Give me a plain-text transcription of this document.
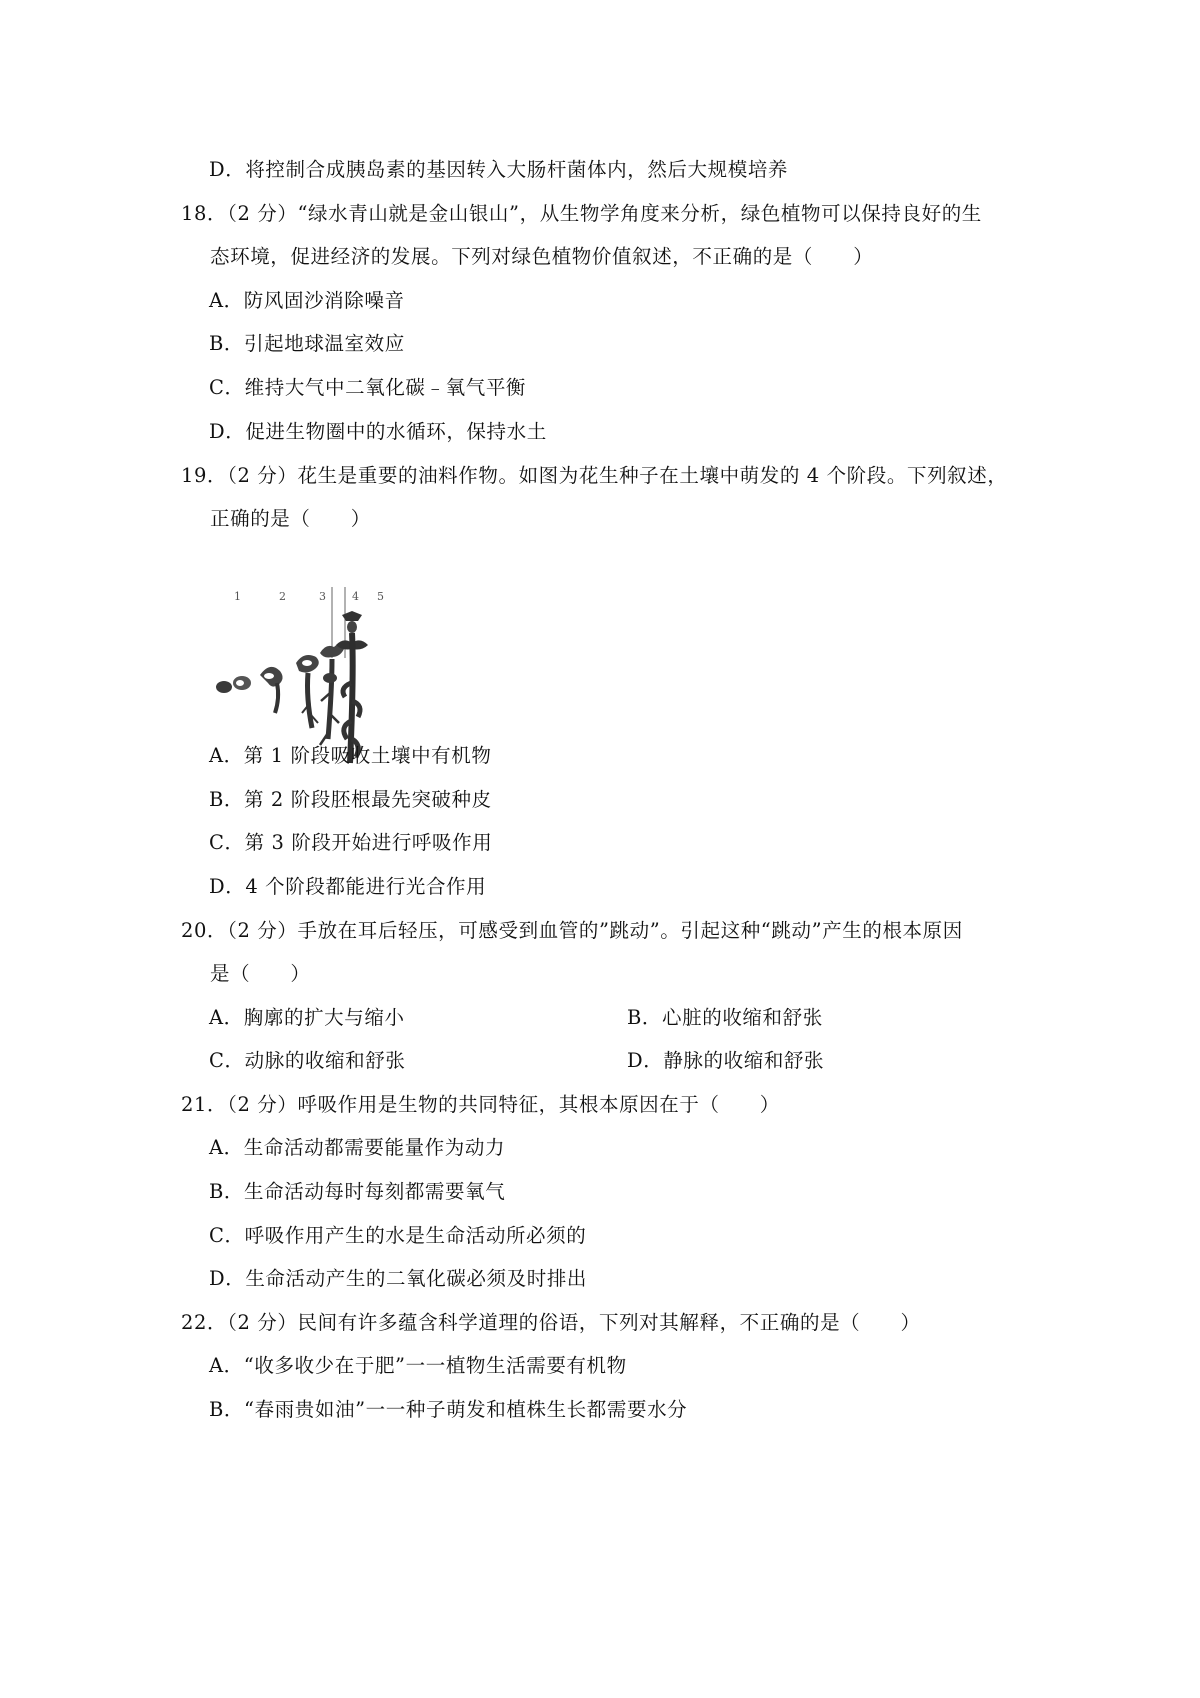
D．将控制合成胰岛素的基因转入大肠杆菌体内，然后大规模培养
18．（2 分）“绿水青山就是金山银山”，从生物学角度来分析，绿色植物可以保持良好的生
态环境，促进经济的发展。下列对绿色植物价值叙述，不正确的是（　　）
A．防风固沙消除噪音
B．引起地球温室效应
C．维持大气中二氧化碳﹣氧气平衡
D．促进生物圈中的水循环，保持水土
19．（2 分）花生是重要的油料作物。如图为花生种子在土壤中萌发的 4 个阶段。下列叙述，
正确的是（　　）
1	2	3 4 5
A．第 1 阶段吸收土壤中有机物
B．第 2 阶段胚根最先突破种皮
C．第 3 阶段开始进行呼吸作用
D．4 个阶段都能进行光合作用
20．（2 分）手放在耳后轻压，可感受到血管的”跳动”。引起这种“跳动”产生的根本原因
是（　　）
A．胸廓的扩大与缩小	B．心脏的收缩和舒张
C．动脉的收缩和舒张	D．静脉的收缩和舒张
21．（2 分）呼吸作用是生物的共同特征，其根本原因在于（　　）
A．生命活动都需要能量作为动力
B．生命活动每时每刻都需要氧气
C．呼吸作用产生的水是生命活动所必须的
D．生命活动产生的二氧化碳必须及时排出
22．（2 分）民间有许多蕴含科学道理的俗语，下列对其解释，不正确的是（　　）
A．“收多收少在于肥”一一植物生活需要有机物
B．“春雨贵如油”一一种子萌发和植株生长都需要水分
